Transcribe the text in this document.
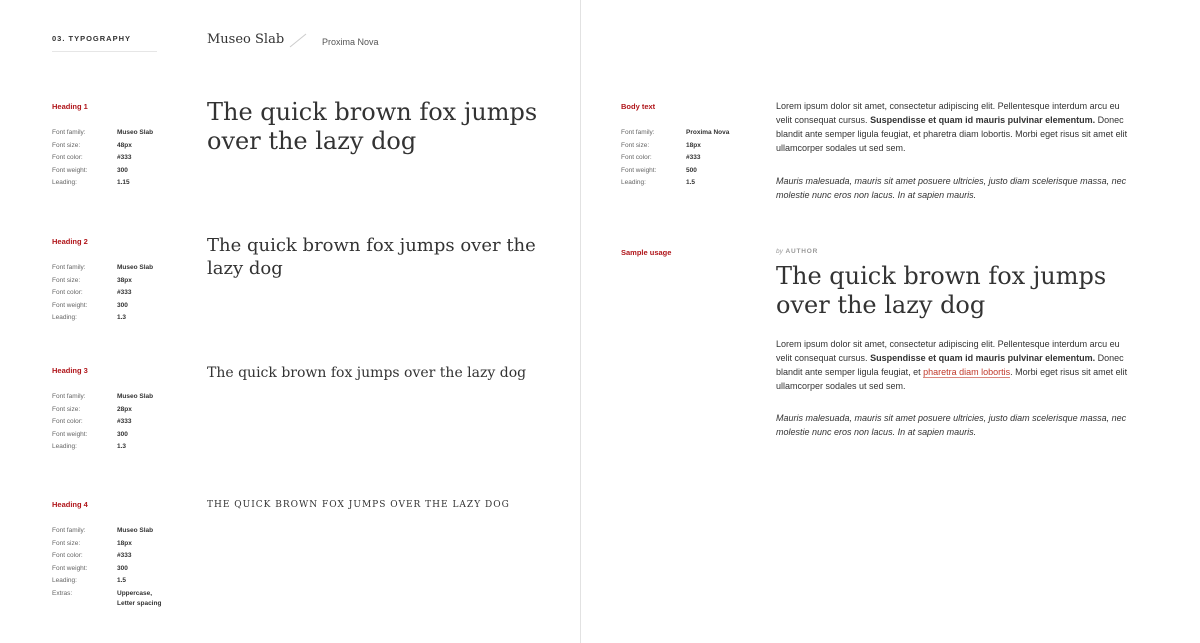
03. TYPOGRAPHY	Museo Slab	Proxima Nova
Heading 1
Font family:	Museo Slab
Font size:	48px
Font color:	#333
Font weight:	300
Leading:	1.15
The quick brown fox jumps over the lazy dog
Heading 2
Font family:	Museo Slab
Font size:	38px
Font color:	#333
Font weight:	300
Leading:	1.3
The quick brown fox jumps over the lazy dog
Heading 3
Font family:	Museo Slab
Font size:	28px
Font color:	#333
Font weight:	300
Leading:	1.3
The quick brown fox jumps over the lazy dog
Heading 4
Font family:	Museo Slab
Font size:	18px
Font color:	#333
Font weight:	300
Leading:	1.5
Extras:	Uppercase,
Letter spacing
THE QUICK BROWN FOX JUMPS OVER THE LAZY DOG
Body text
Font family:	Proxima Nova
Font size:	18px
Font color:	#333
Font weight:	500
Leading:	1.5
Lorem ipsum dolor sit amet, consectetur adipiscing elit. Pellentesque interdum arcu eu velit consequat cursus. Suspendisse et quam id mauris pulvinar elementum. Donec blandit ante semper ligula feugiat, et pharetra diam lobortis. Morbi eget risus sit amet elit ullamcorper sodales ut sed sem.
Mauris malesuada, mauris sit amet posuere ultricies, justo diam scelerisque massa, nec molestie nunc eros non lacus. In at sapien mauris.
Sample usage	by AUTHOR
The quick brown fox jumps over the lazy dog
Lorem ipsum dolor sit amet, consectetur adipiscing elit. Pellentesque interdum arcu eu velit consequat cursus. Suspendisse et quam id mauris pulvinar elementum. Donec blandit ante semper ligula feugiat, et pharetra diam lobortis. Morbi eget risus sit amet elit ullamcorper sodales ut sed sem.
Mauris malesuada, mauris sit amet posuere ultricies, justo diam scelerisque massa, nec molestie nunc eros non lacus. In at sapien mauris.
